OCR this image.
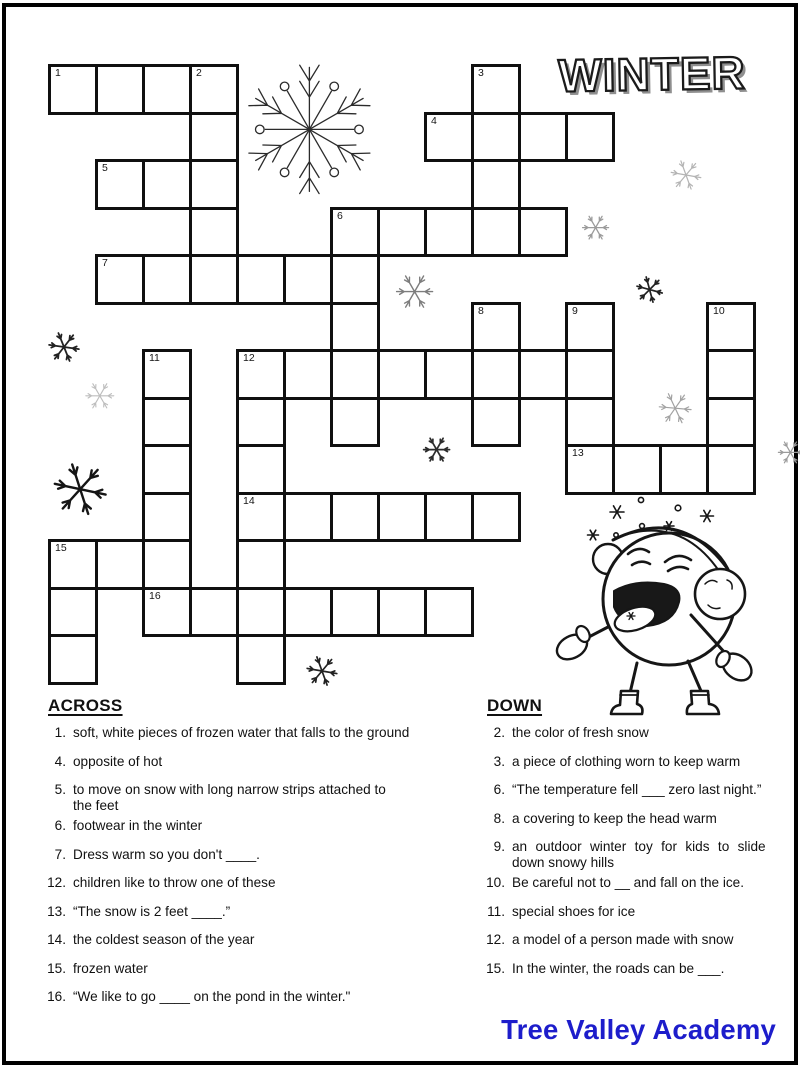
WINTER
1	2	3
4
5
6
7
8	9	10
11	12
13
14
15
16
ACROSS
1. soft, white pieces of frozen water that falls to the ground
4. opposite of hot
5. to move on snow with long narrow strips attached to
the feet
6. footwear in the winter
7. Dress warm so you don't ____.
12. children like to throw one of these
13. “The snow is 2 feet ____.”
14. the coldest season of the year
15. frozen water
16. “We like to go ____ on the pond in the winter."
DOWN
2. the color of fresh snow
3. a piece of clothing worn to keep warm
6. “The temperature fell ___ zero last night.”
8. a covering to keep the head warm
9. an outdoor winter toy for kids to slide
down snowy hills
10. Be careful not to __ and fall on the ice.
11. special shoes for ice
12. a model of a person made with snow
15. In the winter, the roads can be ___.
Tree Valley Academy
